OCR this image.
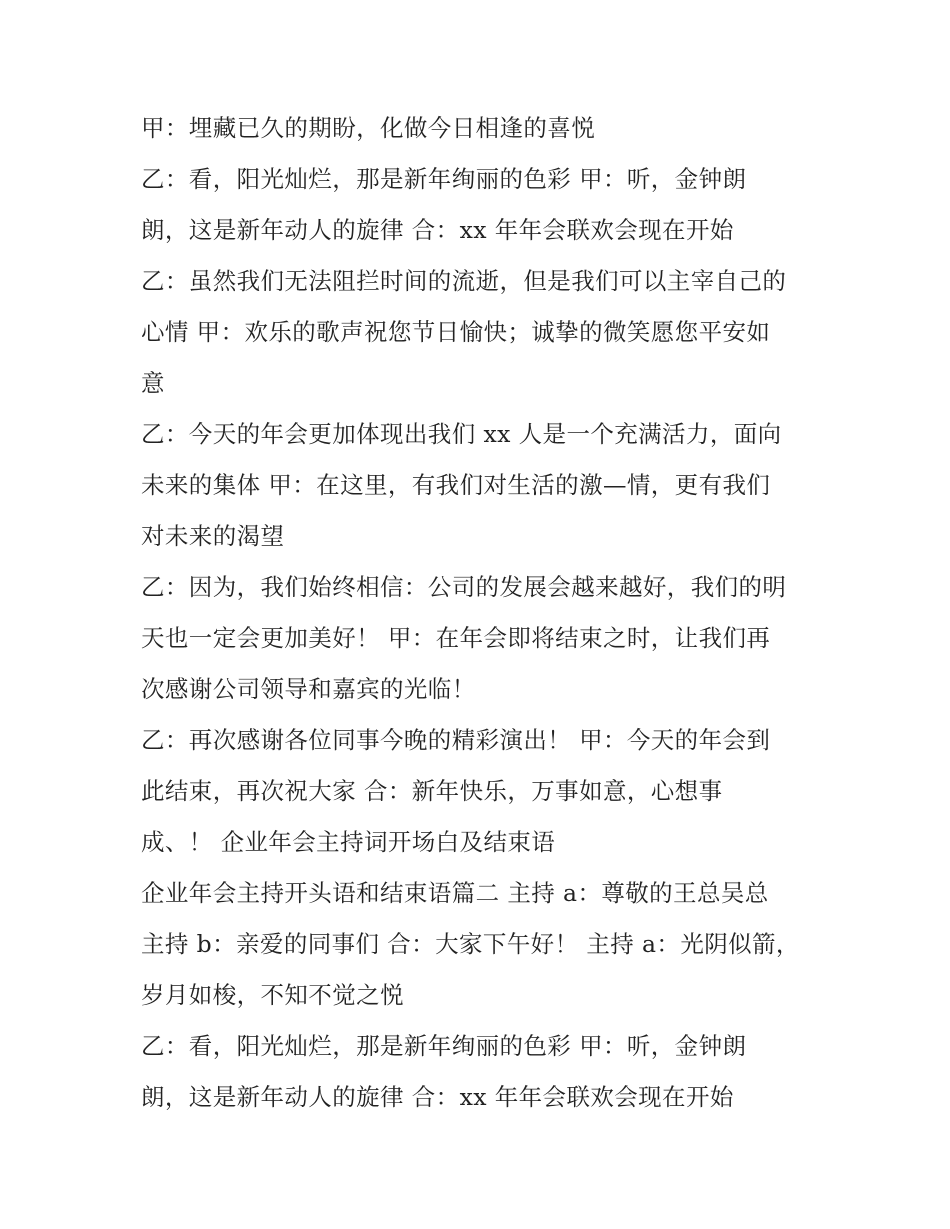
甲：埋藏已久的期盼，化做今日相逢的喜悦

乙：看，阳光灿烂，那是新年绚丽的色彩 甲：听，金钟朗

朗，这是新年动人的旋律 合：xx 年年会联欢会现在开始

乙：虽然我们无法阻拦时间的流逝，但是我们可以主宰自己的

心情 甲：欢乐的歌声祝您节日愉快；诚挚的微笑愿您平安如

意

乙：今天的年会更加体现出我们 xx 人是一个充满活力，面向

未来的集体 甲：在这里，有我们对生活的激—情，更有我们

对未来的渴望

乙：因为，我们始终相信：公司的发展会越来越好，我们的明

天也一定会更加美好！ 甲：在年会即将结束之时，让我们再

次感谢公司领导和嘉宾的光临！

乙：再次感谢各位同事今晚的精彩演出！ 甲：今天的年会到

此结束，再次祝大家 合：新年快乐，万事如意，心想事

成、！ 企业年会主持词开场白及结束语

企业年会主持开头语和结束语篇二 主持 a：尊敬的王总吴总

主持 b：亲爱的同事们 合：大家下午好！ 主持 a：光阴似箭，

岁月如梭，不知不觉之悦

乙：看，阳光灿烂，那是新年绚丽的色彩 甲：听，金钟朗

朗，这是新年动人的旋律 合：xx 年年会联欢会现在开始
